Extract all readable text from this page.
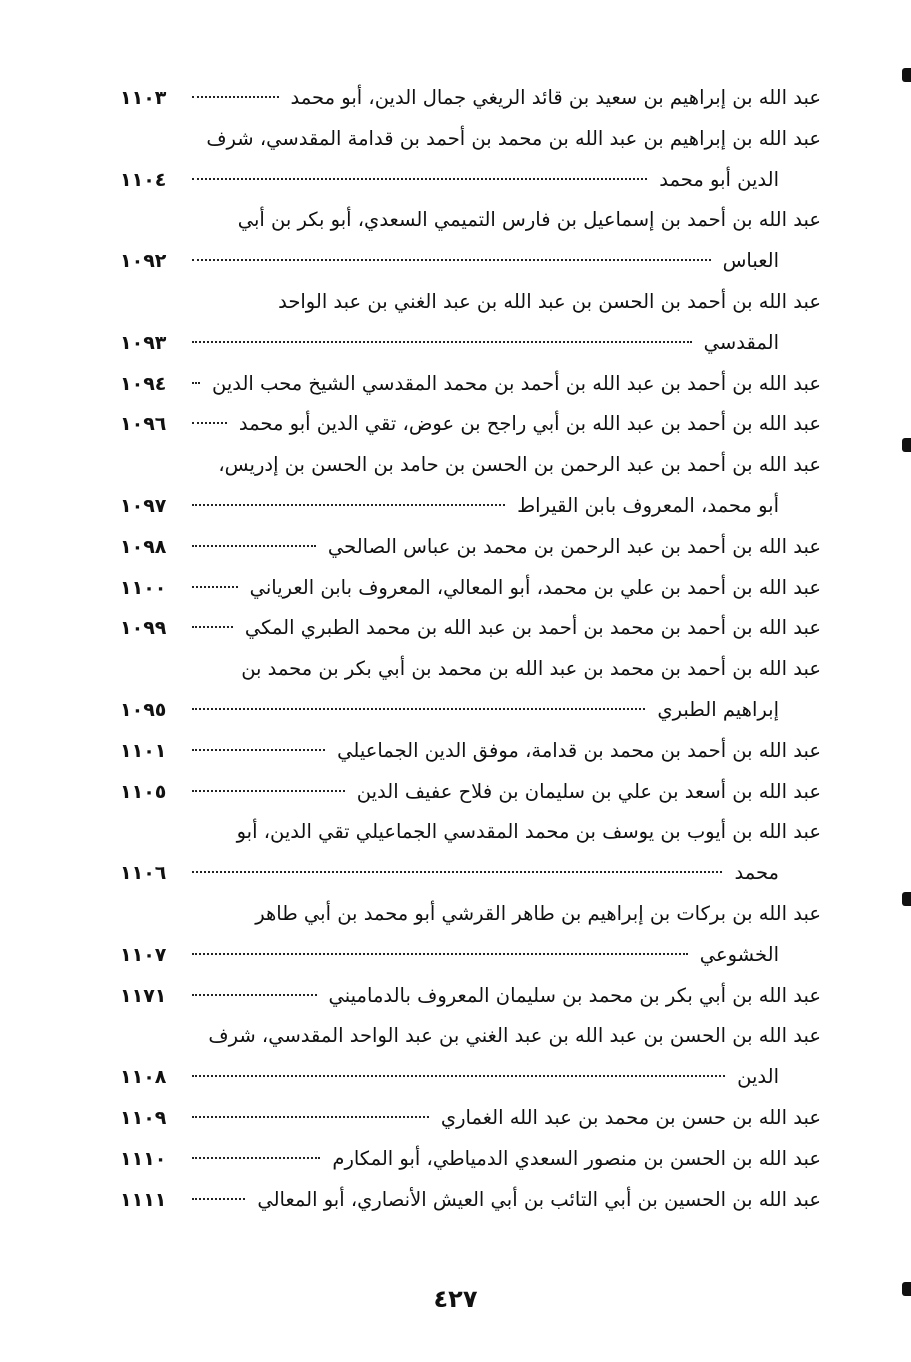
عبد الله بن إبراهيم بن سعيد بن قائد الريغي جمال الدين، أبو محمد
١١٠٣
عبد الله بن إبراهيم بن عبد الله بن محمد بن أحمد بن قدامة المقدسي، شرف
الدين أبو محمد
١١٠٤
عبد الله بن أحمد بن إسماعيل بن فارس التميمي السعدي، أبو بكر بن أبي
العباس
١٠٩٢
عبد الله بن أحمد بن الحسن بن عبد الله بن عبد الغني بن عبد الواحد
المقدسي
١٠٩٣
عبد الله بن أحمد بن عبد الله بن أحمد بن محمد المقدسي الشيخ محب الدين
١٠٩٤
عبد الله بن أحمد بن عبد الله بن أبي راجح بن عوض، تقي الدين أبو محمد
١٠٩٦
عبد الله بن أحمد بن عبد الرحمن بن الحسن بن حامد بن الحسن بن إدريس،
أبو محمد، المعروف بابن القيراط
١٠٩٧
عبد الله بن أحمد بن عبد الرحمن بن محمد بن عباس الصالحي
١٠٩٨
عبد الله بن أحمد بن علي بن محمد، أبو المعالي، المعروف بابن العرياني
١١٠٠
عبد الله بن أحمد بن محمد بن أحمد بن عبد الله بن محمد الطبري المكي
١٠٩٩
عبد الله بن أحمد بن محمد بن عبد الله بن محمد بن أبي بكر بن محمد بن
إبراهيم الطبري
١٠٩٥
عبد الله بن أحمد بن محمد بن قدامة، موفق الدين الجماعيلي
١١٠١
عبد الله بن أسعد بن علي بن سليمان بن فلاح عفيف الدين
١١٠٥
عبد الله بن أيوب بن يوسف بن محمد المقدسي الجماعيلي تقي الدين، أبو
محمد
١١٠٦
عبد الله بن بركات بن إبراهيم بن طاهر القرشي أبو محمد بن أبي طاهر
الخشوعي
١١٠٧
عبد الله بن أبي بكر بن محمد بن سليمان المعروف بالدماميني
١١٧١
عبد الله بن الحسن بن عبد الله بن عبد الغني بن عبد الواحد المقدسي، شرف
الدين
١١٠٨
عبد الله بن حسن بن محمد بن عبد الله الغماري
١١٠٩
عبد الله بن الحسن بن منصور السعدي الدمياطي، أبو المكارم
١١١٠
عبد الله بن الحسين بن أبي التائب بن أبي العيش الأنصاري، أبو المعالي
١١١١
٤٢٧
